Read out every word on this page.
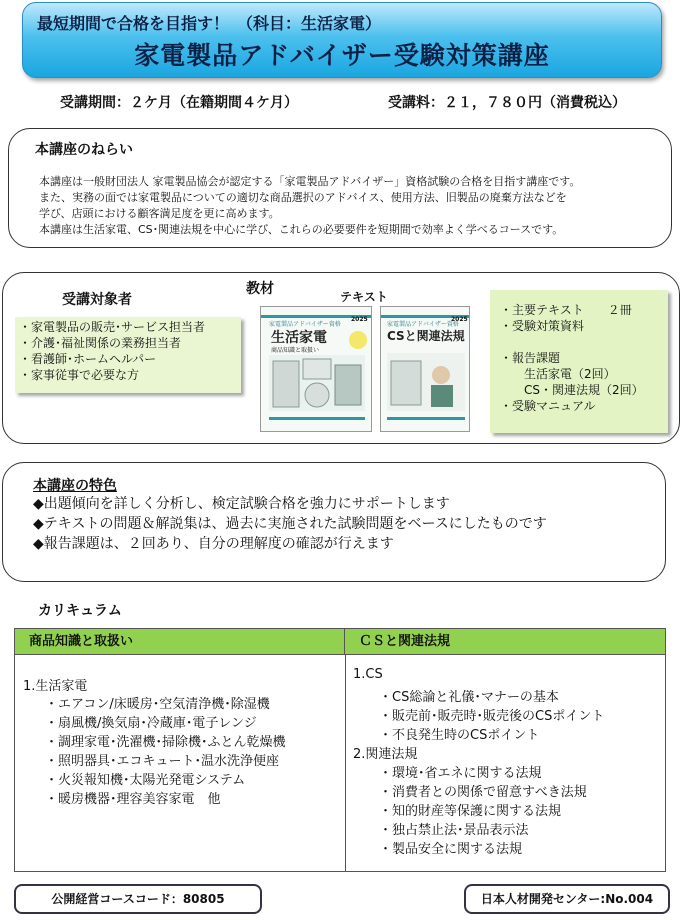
最短期間で合格を目指す！　（科目：生活家電）
家電製品アドバイザー受験対策講座
受講期間：２ケ月（在籍期間４ケ月）	受講料：２１，７８０円（消費税込）
本講座のねらい
本講座は一般財団法人 家電製品協会が認定する「家電製品アドバイザー」資格試験の合格を目指す講座です。
また、実務の面では家電製品についての適切な商品選択のアドバイス、使用方法、旧製品の廃棄方法などを
学び、店頭における顧客満足度を更に高めます。
本講座は生活家電、CS･関連法規を中心に学び、これらの必要要件を短期間で効率よく学べるコースです。
受講対象者
教材	テキスト
・家電製品の販売･サービス担当者
・介護･福祉関係の業務担当者
・看護師･ホームヘルパー
・家事従事で必要な方
家電製品アドバイザー資格
生活家電
商品知識と取扱い
2025
家電製品アドバイザー資格
CSと関連法規
2025
・主要テキスト　　２冊
・受験対策資料

・報告課題
　　生活家電（2回）
　　CS・関連法規（2回）
・受験マニュアル
本講座の特色
◆出題傾向を詳しく分析し、検定試験合格を強力にサポートします
◆テキストの問題＆解説集は、過去に実施された試験問題をベースにしたものです
◆報告課題は、２回あり、自分の理解度の確認が行えます
カリキュラム
商品知識と取扱い	ＣＳと関連法規
1.生活家電
・エアコン/床暖房･空気清浄機･除湿機
・扇風機/換気扇･冷蔵庫･電子レンジ
・調理家電･洗濯機･掃除機･ふとん乾燥機
・照明器具･エコキュート･温水洗浄便座
・火災報知機･太陽光発電システム
・暖房機器･理容美容家電　他
1.CS
・CS総論と礼儀･マナーの基本
・販売前･販売時･販売後のCSポイント
・不良発生時のCSポイント
2.関連法規
・環境･省エネに関する法規
・消費者との関係で留意すべき法規
・知的財産等保護に関する法規
・独占禁止法･景品表示法
・製品安全に関する法規
公開経営コースコード：80805	日本人材開発センター:No.004
